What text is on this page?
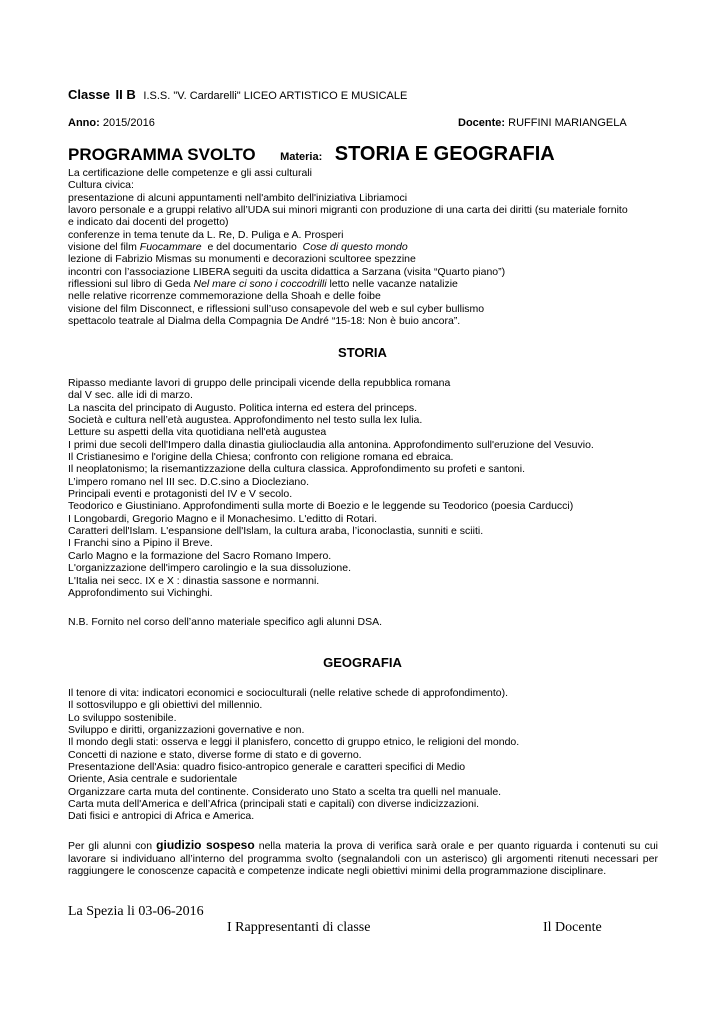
Classe II B I.S.S. "V. Cardarelli" LICEO ARTISTICO E MUSICALE
Anno: 2015/2016	Docente: RUFFINI MARIANGELA
PROGRAMMA SVOLTO Materia: STORIA E GEOGRAFIA
La certificazione delle competenze e gli assi culturali
Cultura civica:
presentazione di alcuni appuntamenti nell'ambito dell'iniziativa Libriamoci
lavoro personale e a gruppi relativo all’UDA sui minori migranti con produzione di una carta dei diritti (su materiale fornito
e indicato dai docenti del progetto)
conferenze in tema tenute da L. Re, D. Puliga e A. Prosperi
visione del film Fuocammare  e del documentario  Cose di questo mondo
lezione di Fabrizio Mismas su monumenti e decorazioni scultoree spezzine
incontri con l’associazione LIBERA seguiti da uscita didattica a Sarzana (visita “Quarto piano”)
riflessioni sul libro di Geda Nel mare ci sono i coccodrilli letto nelle vacanze natalizie
nelle relative ricorrenze commemorazione della Shoah e delle foibe
visione del film Disconnect, e riflessioni sull’uso consapevole del web e sul cyber bullismo
spettacolo teatrale al Dialma della Compagnia De André “15-18: Non è buio ancora”.
STORIA
Ripasso mediante lavori di gruppo delle principali vicende della repubblica romana
dal V sec. alle idi di marzo.
La nascita del principato di Augusto. Politica interna ed estera del princeps.
Società e cultura nell’età augustea. Approfondimento nel testo sulla lex Iulia.
Letture su aspetti della vita quotidiana nell'età augustea
I primi due secoli dell'Impero dalla dinastia giulioclaudia alla antonina. Approfondimento sull'eruzione del Vesuvio.
Il Cristianesimo e l'origine della Chiesa; confronto con religione romana ed ebraica.
Il neoplatonismo; la risemantizzazione della cultura classica. Approfondimento su profeti e santoni.
L’impero romano nel III sec. D.C.sino a Diocleziano.
Principali eventi e protagonisti del IV e V secolo.
Teodorico e Giustiniano. Approfondimenti sulla morte di Boezio e le leggende su Teodorico (poesia Carducci)
I Longobardi, Gregorio Magno e il Monachesimo. L'editto di Rotari.
Caratteri dell'Islam. L'espansione dell'Islam, la cultura araba, l’iconoclastia, sunniti e sciiti.
I Franchi sino a Pipino il Breve.
Carlo Magno e la formazione del Sacro Romano Impero.
L'organizzazione dell'impero carolingio e la sua dissoluzione.
L'Italia nei secc. IX e X : dinastia sassone e normanni.
Approfondimento sui Vichinghi.
N.B. Fornito nel corso dell’anno materiale specifico agli alunni DSA.
GEOGRAFIA
Il tenore di vita: indicatori economici e socioculturali (nelle relative schede di approfondimento).
Il sottosviluppo e gli obiettivi del millennio.
Lo sviluppo sostenibile.
Sviluppo e diritti, organizzazioni governative e non.
Il mondo degli stati: osserva e leggi il planisfero, concetto di gruppo etnico, le religioni del mondo.
Concetti di nazione e stato, diverse forme di stato e di governo.
Presentazione dell'Asia: quadro fisico-antropico generale e caratteri specifici di Medio
Oriente, Asia centrale e sudorientale
Organizzare carta muta del continente. Considerato uno Stato a scelta tra quelli nel manuale.
Carta muta dell'America e dell’Africa (principali stati e capitali) con diverse indicizzazioni.
Dati fisici e antropici di Africa e America.
Per gli alunni con giudizio sospeso nella materia la prova di verifica sarà orale e per quanto riguarda i contenuti su cui lavorare si individuano all’interno del programma svolto (segnalandoli con un asterisco) gli argomenti ritenuti necessari per raggiungere le conoscenze capacità e competenze indicate negli obiettivi minimi della programmazione disciplinare.
La Spezia li 03-06-2016
I Rappresentanti di classe	Il Docente
